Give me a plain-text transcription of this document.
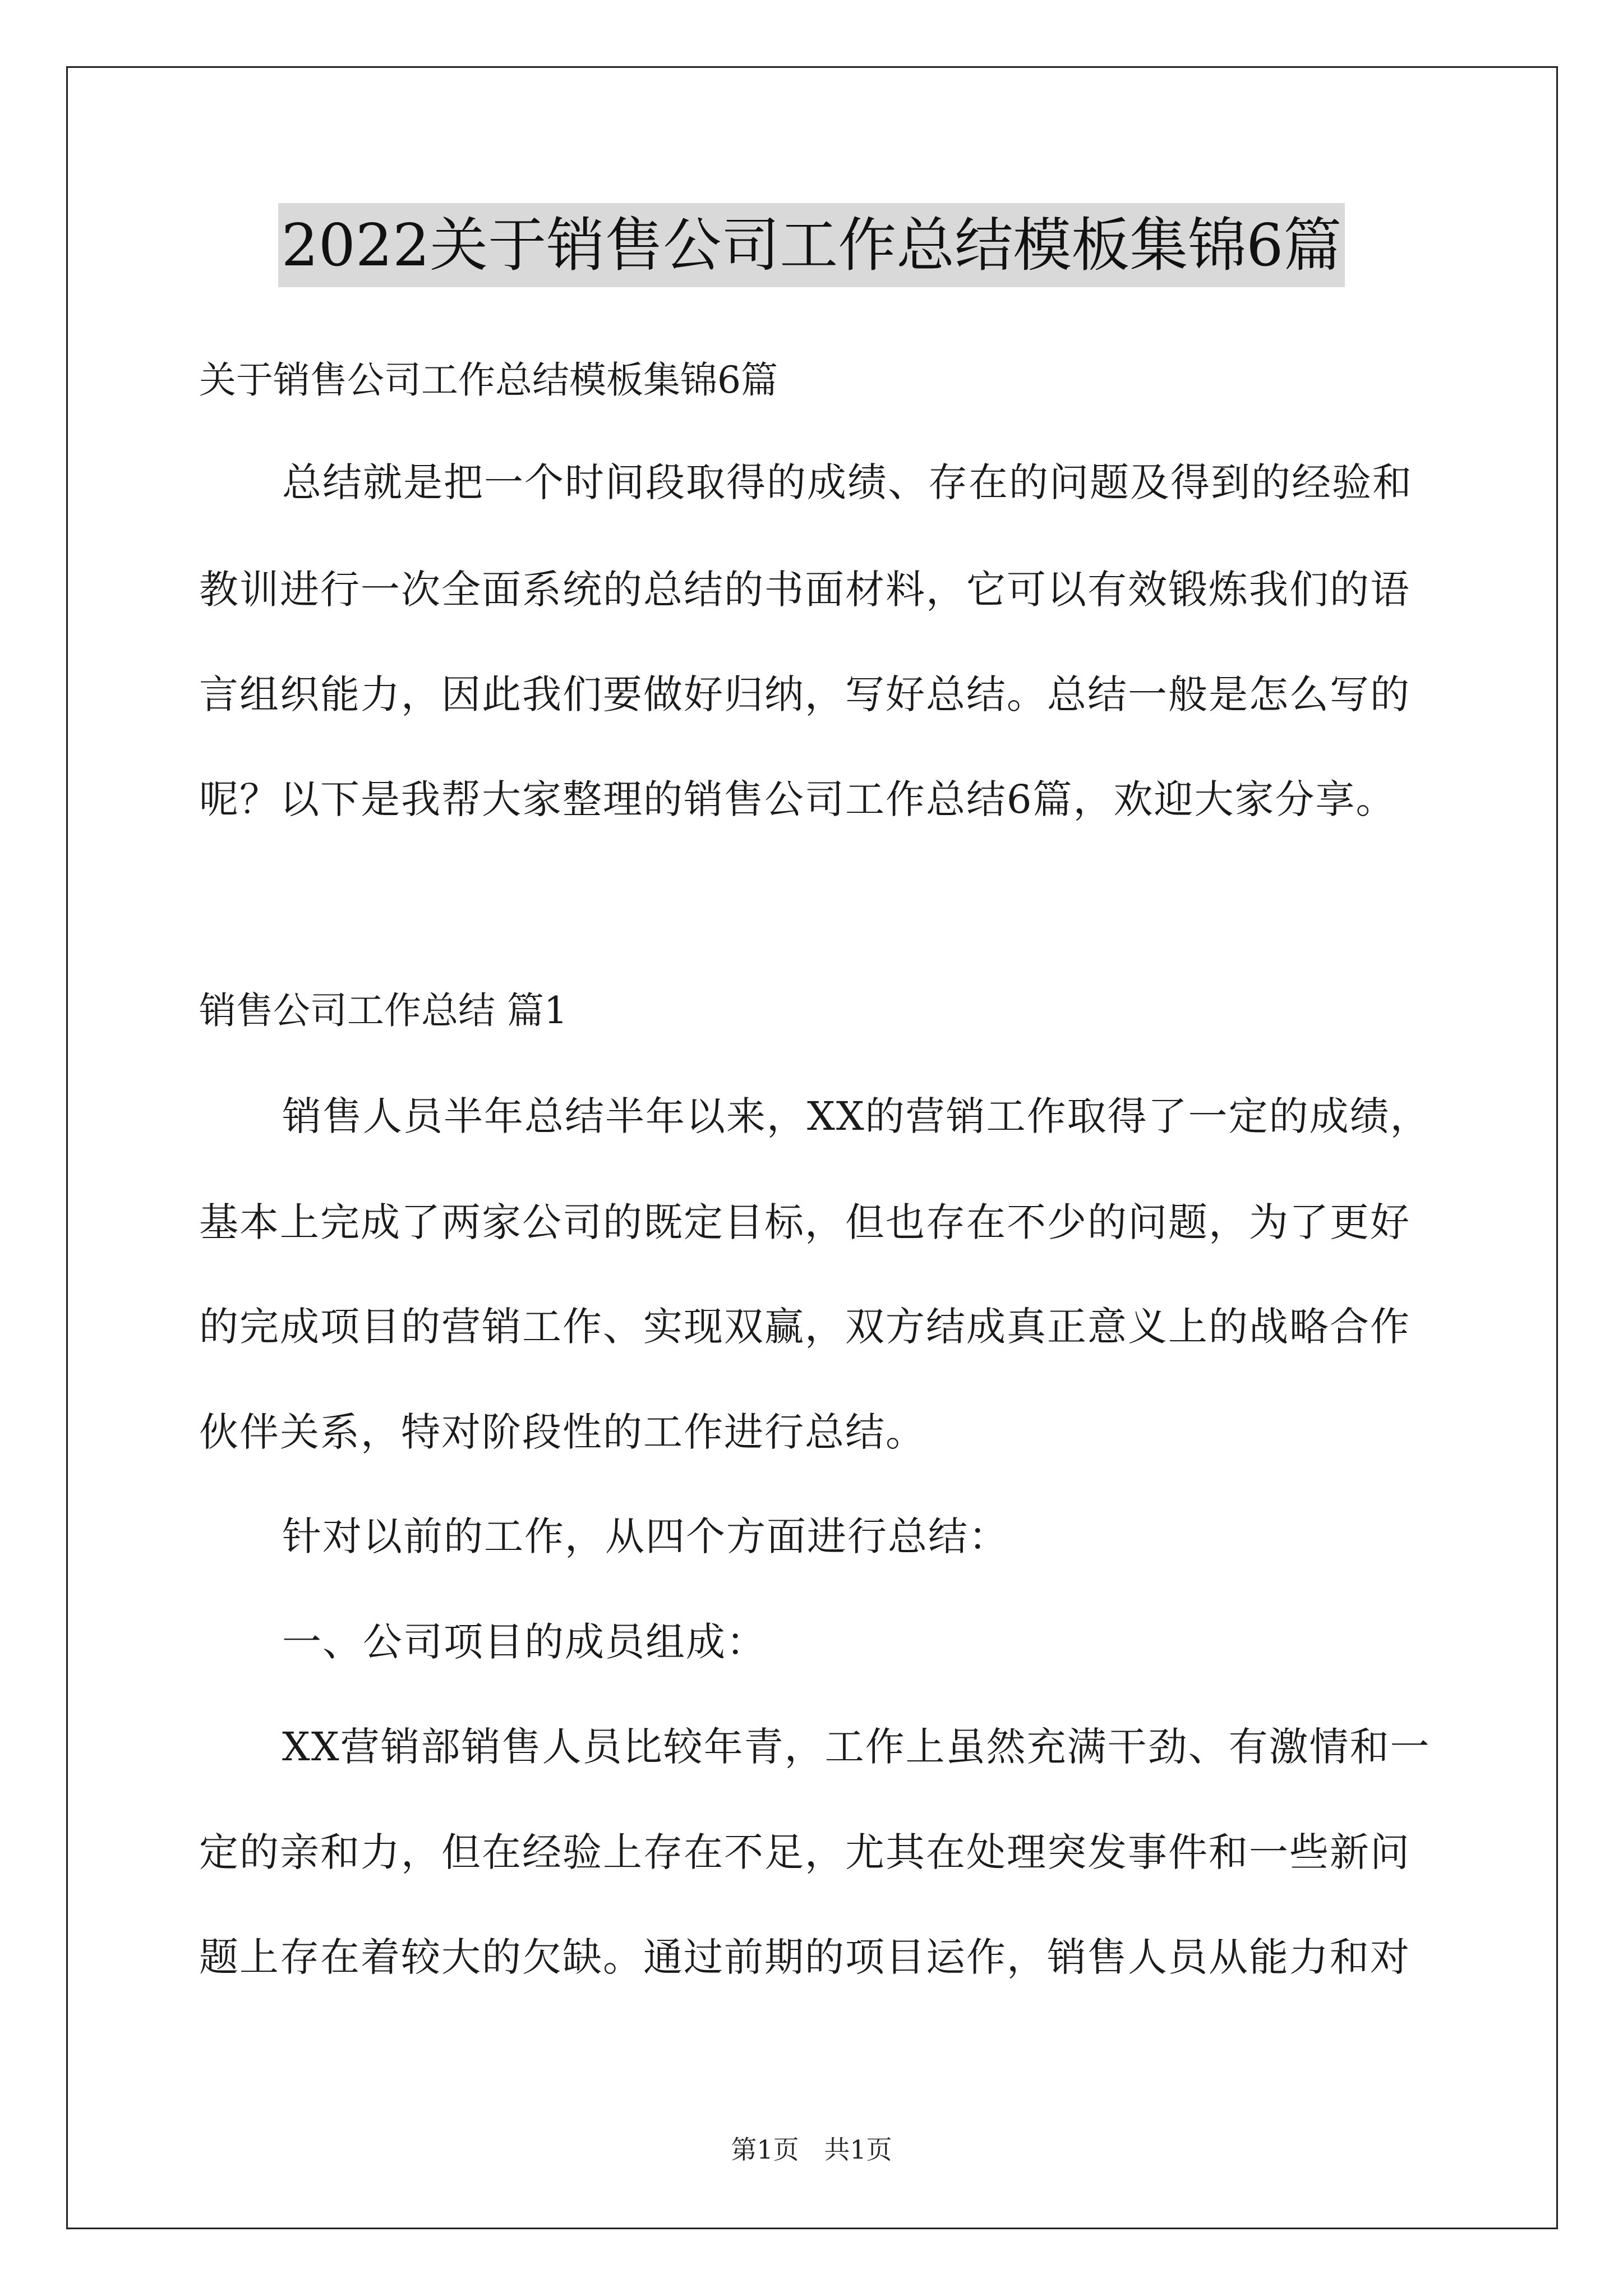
2022关于销售公司工作总结模板集锦6篇
关于销售公司工作总结模板集锦6篇
总结就是把一个时间段取得的成绩、存在的问题及得到的经验和
教训进行一次全面系统的总结的书面材料，它可以有效锻炼我们的语
言组织能力，因此我们要做好归纳，写好总结。总结一般是怎么写的
呢？以下是我帮大家整理的销售公司工作总结6篇，欢迎大家分享。
销售公司工作总结 篇1
销售人员半年总结半年以来，XX的营销工作取得了一定的成绩，
基本上完成了两家公司的既定目标，但也存在不少的问题，为了更好
的完成项目的营销工作、实现双赢，双方结成真正意义上的战略合作
伙伴关系，特对阶段性的工作进行总结。
针对以前的工作，从四个方面进行总结：
一、公司项目的成员组成：
XX营销部销售人员比较年青，工作上虽然充满干劲、有激情和一
定的亲和力，但在经验上存在不足，尤其在处理突发事件和一些新问
题上存在着较大的欠缺。通过前期的项目运作，销售人员从能力和对
第1页 共1页
